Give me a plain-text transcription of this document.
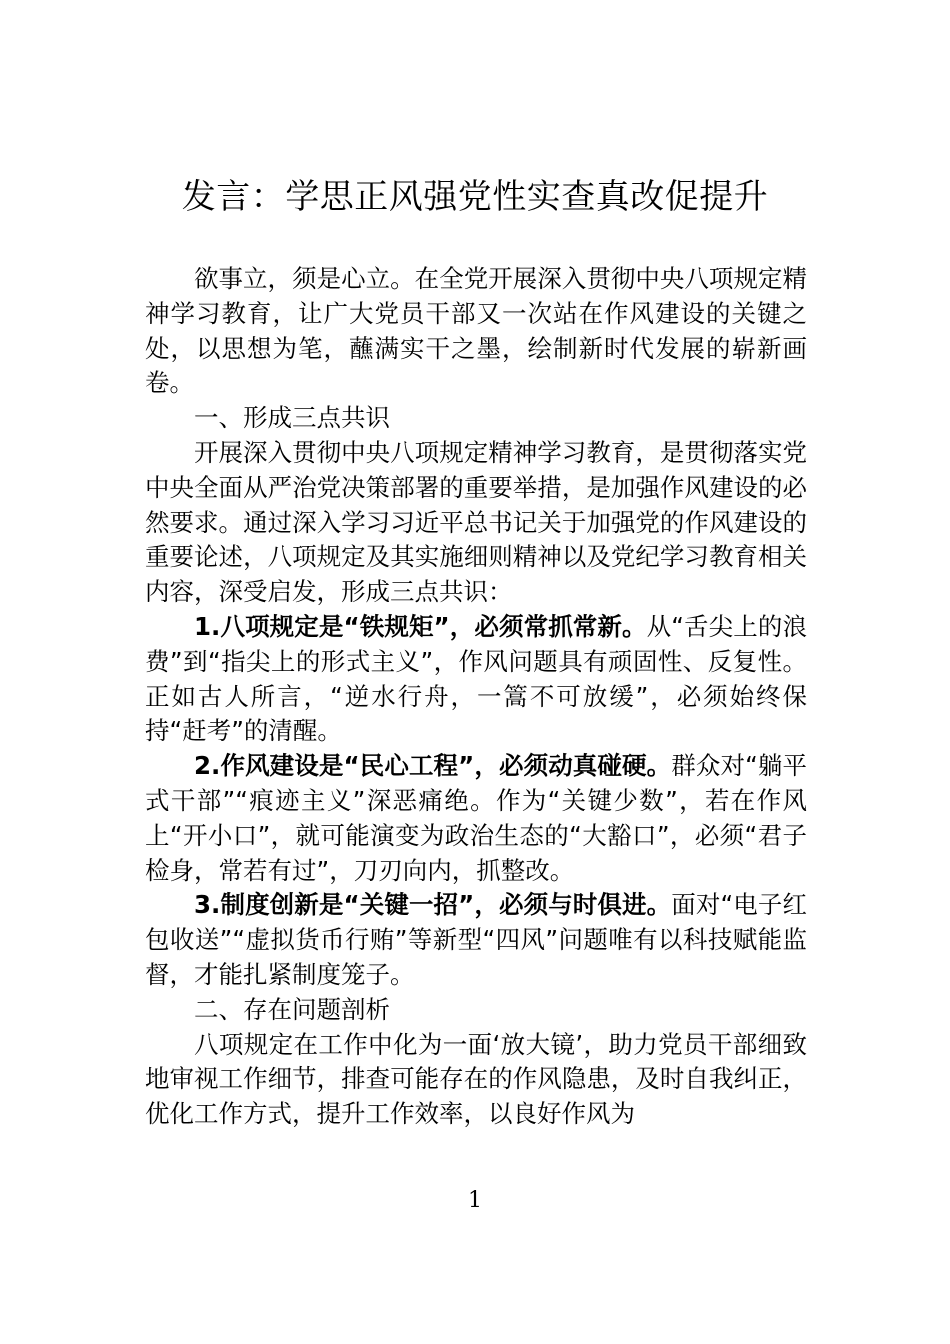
发言：学思正风强党性实查真改促提升

欲事立，须是心立。在全党开展深入贯彻中央八项规定精神学习教育，让广大党员干部又一次站在作风建设的关键之处，以思想为笔，蘸满实干之墨，绘制新时代发展的崭新画卷。

一、形成三点共识

开展深入贯彻中央八项规定精神学习教育，是贯彻落实党中央全面从严治党决策部署的重要举措，是加强作风建设的必然要求。通过深入学习习近平总书记关于加强党的作风建设的重要论述，八项规定及其实施细则精神以及党纪学习教育相关内容，深受启发，形成三点共识：

1.八项规定是“铁规矩”，必须常抓常新。从“舌尖上的浪费”到“指尖上的形式主义”，作风问题具有顽固性、反复性。正如古人所言，“逆水行舟，一篙不可放缓”，必须始终保持“赶考”的清醒。

2.作风建设是“民心工程”，必须动真碰硬。群众对“躺平式干部”“痕迹主义”深恶痛绝。作为“关键少数”，若在作风上“开小口”，就可能演变为政治生态的“大豁口”，必须“君子检身，常若有过”，刀刃向内，抓整改。

3.制度创新是“关键一招”，必须与时俱进。面对“电子红包收送”“虚拟货币行贿”等新型“四风”问题唯有以科技赋能监督，才能扎紧制度笼子。

二、存在问题剖析

八项规定在工作中化为一面‘放大镜’，助力党员干部细致地审视工作细节，排查可能存在的作风隐患，及时自我纠正，优化工作方式，提升工作效率，以良好作风为

1
